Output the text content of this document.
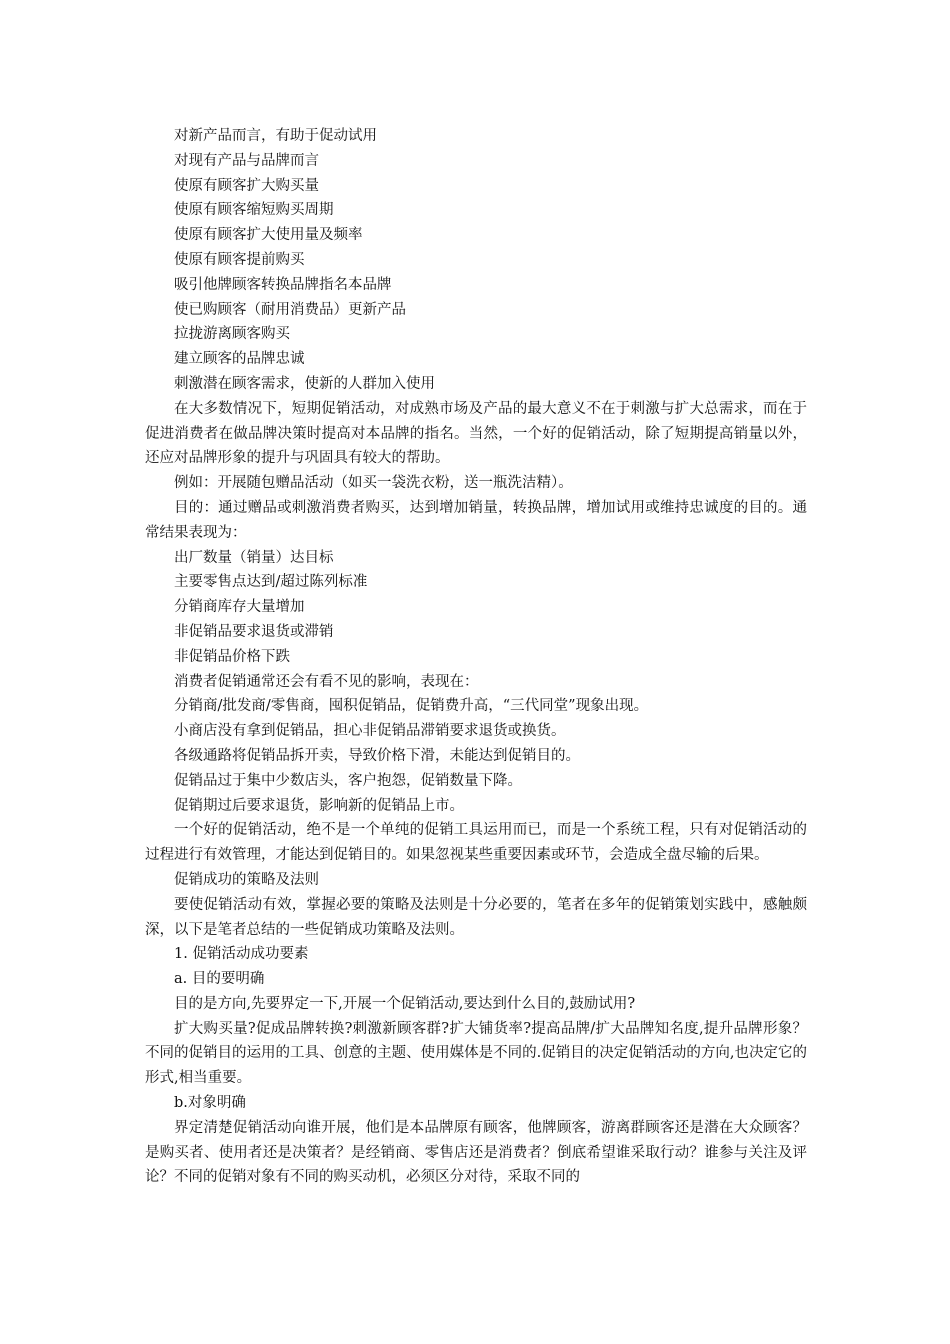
对新产品而言，有助于促动试用

对现有产品与品牌而言

使原有顾客扩大购买量

使原有顾客缩短购买周期

使原有顾客扩大使用量及频率

使原有顾客提前购买

吸引他牌顾客转换品牌指名本品牌

使已购顾客（耐用消费品）更新产品

拉拢游离顾客购买

建立顾客的品牌忠诚

刺激潜在顾客需求，使新的人群加入使用

在大多数情况下，短期促销活动，对成熟市场及产品的最大意义不在于刺激与扩大总需求，而在于促进消费者在做品牌决策时提高对本品牌的指名。当然，一个好的促销活动，除了短期提高销量以外，还应对品牌形象的提升与巩固具有较大的帮助。

例如：开展随包赠品活动（如买一袋洗衣粉，送一瓶洗洁精）。

目的：通过赠品或刺激消费者购买，达到增加销量，转换品牌，增加试用或维持忠诚度的目的。通常结果表现为：

出厂数量（销量）达目标

主要零售点达到/超过陈列标准

分销商库存大量增加

非促销品要求退货或滞销

非促销品价格下跌

消费者促销通常还会有看不见的影响，表现在：

分销商/批发商/零售商，囤积促销品，促销费升高，“三代同堂”现象出现。

小商店没有拿到促销品，担心非促销品滞销要求退货或换货。

各级通路将促销品拆开卖，导致价格下滑，未能达到促销目的。

促销品过于集中少数店头，客户抱怨，促销数量下降。

促销期过后要求退货，影响新的促销品上市。

一个好的促销活动，绝不是一个单纯的促销工具运用而已，而是一个系统工程，只有对促销活动的过程进行有效管理，才能达到促销目的。如果忽视某些重要因素或环节，会造成全盘尽输的后果。

促销成功的策略及法则

要使促销活动有效，掌握必要的策略及法则是十分必要的，笔者在多年的促销策划实践中，感触颇深，以下是笔者总结的一些促销成功策略及法则。

1. 促销活动成功要素

a. 目的要明确

目的是方向,先要界定一下,开展一个促销活动,要达到什么目的,鼓励试用?

扩大购买量?促成品牌转换?刺激新顾客群?扩大铺货率?提高品牌/扩大品牌知名度,提升品牌形象？不同的促销目的运用的工具、创意的主题、使用媒体是不同的.促销目的决定促销活动的方向,也决定它的形式,相当重要。

b.对象明确

界定清楚促销活动向谁开展，他们是本品牌原有顾客，他牌顾客，游离群顾客还是潜在大众顾客？是购买者、使用者还是决策者？是经销商、零售店还是消费者？倒底希望谁采取行动？谁参与关注及评论？不同的促销对象有不同的购买动机，必须区分对待，采取不同的
